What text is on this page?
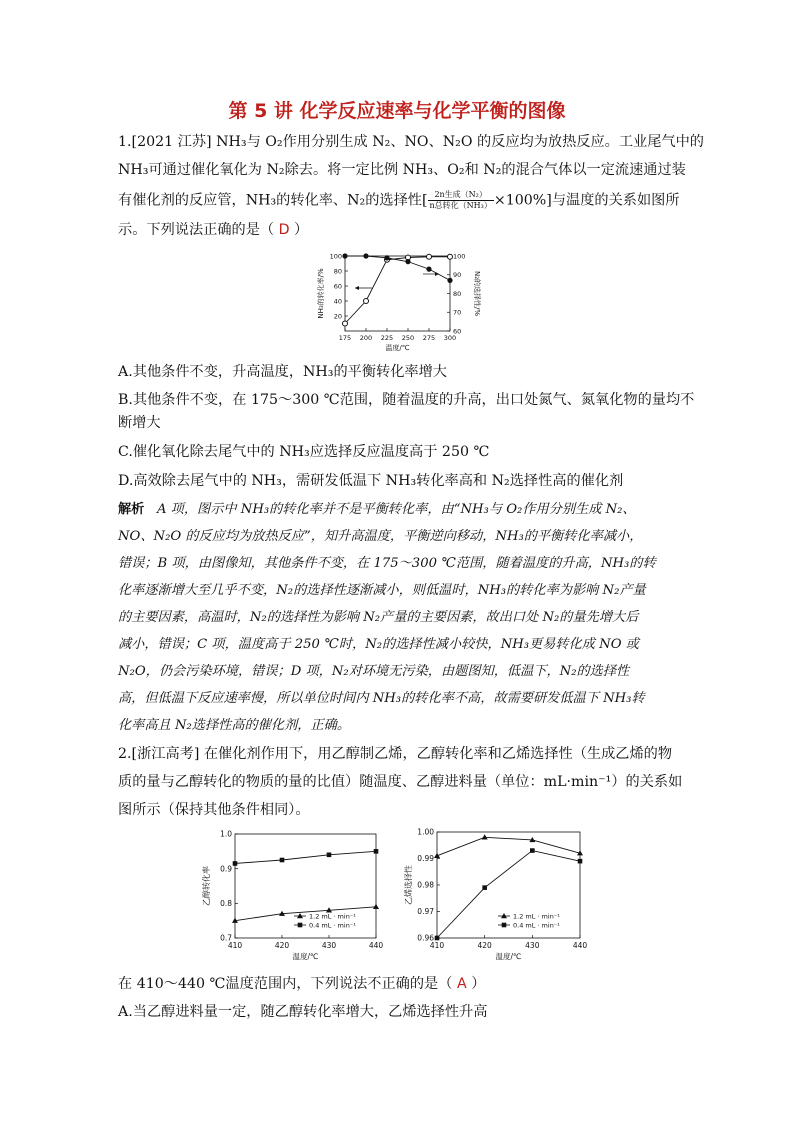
第 5 讲 化学反应速率与化学平衡的图像
1.[2021 江苏] NH₃与 O₂作用分别生成 N₂、NO、N₂O 的反应均为放热反应。工业尾气中的
NH₃可通过催化氧化为 N₂除去。将一定比例 NH₃、O₂和 N₂的混合气体以一定流速通过装
有催化剂的反应管，NH₃的转化率、N₂的选择性[ $\frac{\text{2n生成（N₂）}}{\text{n总转化（NH₃）}} \times 100\%$]与温度的关系如图所
示。下列说法正确的是（ D ）
175 200 225 250 275 300
20
40
60
80
100
60
70
80
90
100
温度/℃
NH₃的转化率/%	N₂的选择性/%
A.其他条件不变，升高温度，NH₃的平衡转化率增大
B.其他条件不变，在 175～300 ℃范围，随着温度的升高，出口处氮气、氮氧化物的量均不
断增大
C.催化氧化除去尾气中的 NH₃应选择反应温度高于 250 ℃
D.高效除去尾气中的 NH₃，需研发低温下 NH₃转化率高和 N₂选择性高的催化剂
解析 A 项，图示中 NH₃的转化率并不是平衡转化率，由“NH₃与 O₂作用分别生成 N₂、
NO、N₂O 的反应均为放热反应”，知升高温度，平衡逆向移动，NH₃的平衡转化率减小，
错误；B 项，由图像知，其他条件不变，在 175～300 ℃范围，随着温度的升高，NH₃的转
化率逐渐增大至几乎不变，N₂的选择性逐渐减小，则低温时，NH₃的转化率为影响 N₂产量
的主要因素，高温时，N₂的选择性为影响 N₂产量的主要因素，故出口处 N₂的量先增大后
减小，错误；C 项，温度高于 250 ℃时，N₂的选择性减小较快，NH₃更易转化成 NO 或
N₂O，仍会污染环境，错误；D 项，N₂对环境无污染，由题图知，低温下，N₂的选择性
高，但低温下反应速率慢，所以单位时间内 NH₃的转化率不高，故需要研发低温下 NH₃转
化率高且 N₂选择性高的催化剂，正确。
2.[浙江高考] 在催化剂作用下，用乙醇制乙烯，乙醇转化率和乙烯选择性（生成乙烯的物
质的量与乙醇转化的物质的量的比值）随温度、乙醇进料量（单位：mL·min⁻¹）的关系如
图所示（保持其他条件相同）。
410	420	430	440
0.7
0.8
0.9
1.0
温度/℃
乙醇转化率
1.2 mL · min⁻¹
0.4 mL · min⁻¹
410	420	430	440
0.96
0.97
0.98
0.99
1.00
温度/℃
乙烯选择性
1.2 mL · min⁻¹
0.4 mL · min⁻¹
在 410～440 ℃温度范围内，下列说法不正确的是（ A ）
A.当乙醇进料量一定，随乙醇转化率增大，乙烯选择性升高
